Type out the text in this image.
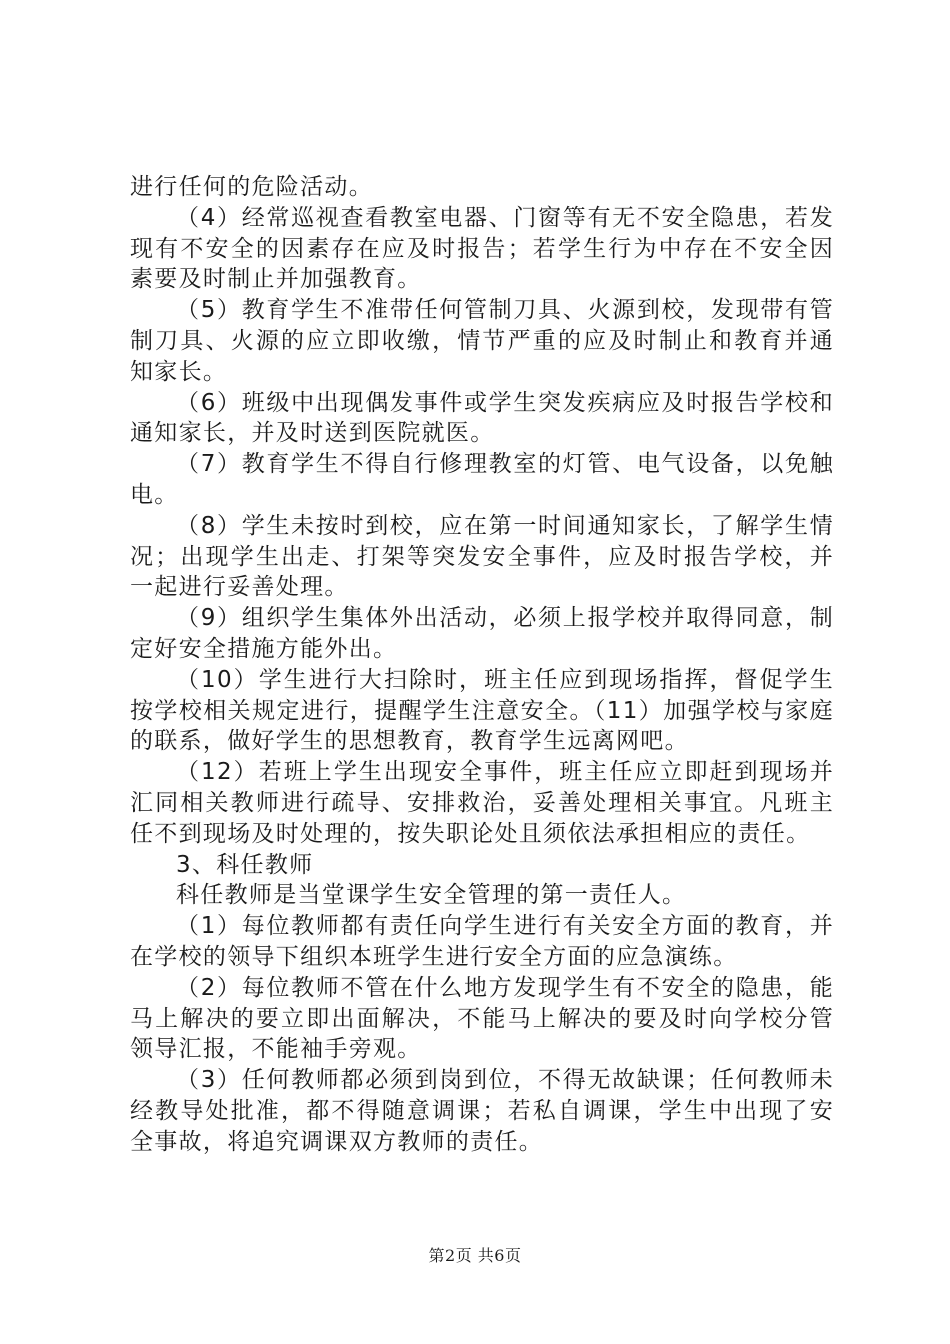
进行任何的危险活动。

（4）经常巡视查看教室电器、门窗等有无不安全隐患，若发现有不安全的因素存在应及时报告；若学生行为中存在不安全因素要及时制止并加强教育。

（5）教育学生不准带任何管制刀具、火源到校，发现带有管制刀具、火源的应立即收缴，情节严重的应及时制止和教育并通知家长。

（6）班级中出现偶发事件或学生突发疾病应及时报告学校和通知家长，并及时送到医院就医。

（7）教育学生不得自行修理教室的灯管、电气设备，以免触电。

（8）学生未按时到校，应在第一时间通知家长，了解学生情况；出现学生出走、打架等突发安全事件，应及时报告学校，并一起进行妥善处理。

（9）组织学生集体外出活动，必须上报学校并取得同意，制定好安全措施方能外出。

（10）学生进行大扫除时，班主任应到现场指挥，督促学生按学校相关规定进行，提醒学生注意安全。（11）加强学校与家庭的联系，做好学生的思想教育，教育学生远离网吧。

（12）若班上学生出现安全事件，班主任应立即赶到现场并汇同相关教师进行疏导、安排救治，妥善处理相关事宜。凡班主任不到现场及时处理的，按失职论处且须依法承担相应的责任。

3、科任教师

科任教师是当堂课学生安全管理的第一责任人。

（1）每位教师都有责任向学生进行有关安全方面的教育，并在学校的领导下组织本班学生进行安全方面的应急演练。

（2）每位教师不管在什么地方发现学生有不安全的隐患，能马上解决的要立即出面解决，不能马上解决的要及时向学校分管领导汇报，不能袖手旁观。

（3）任何教师都必须到岗到位，不得无故缺课；任何教师未经教导处批准，都不得随意调课；若私自调课，学生中出现了安全事故，将追究调课双方教师的责任。

第2页 共6页
